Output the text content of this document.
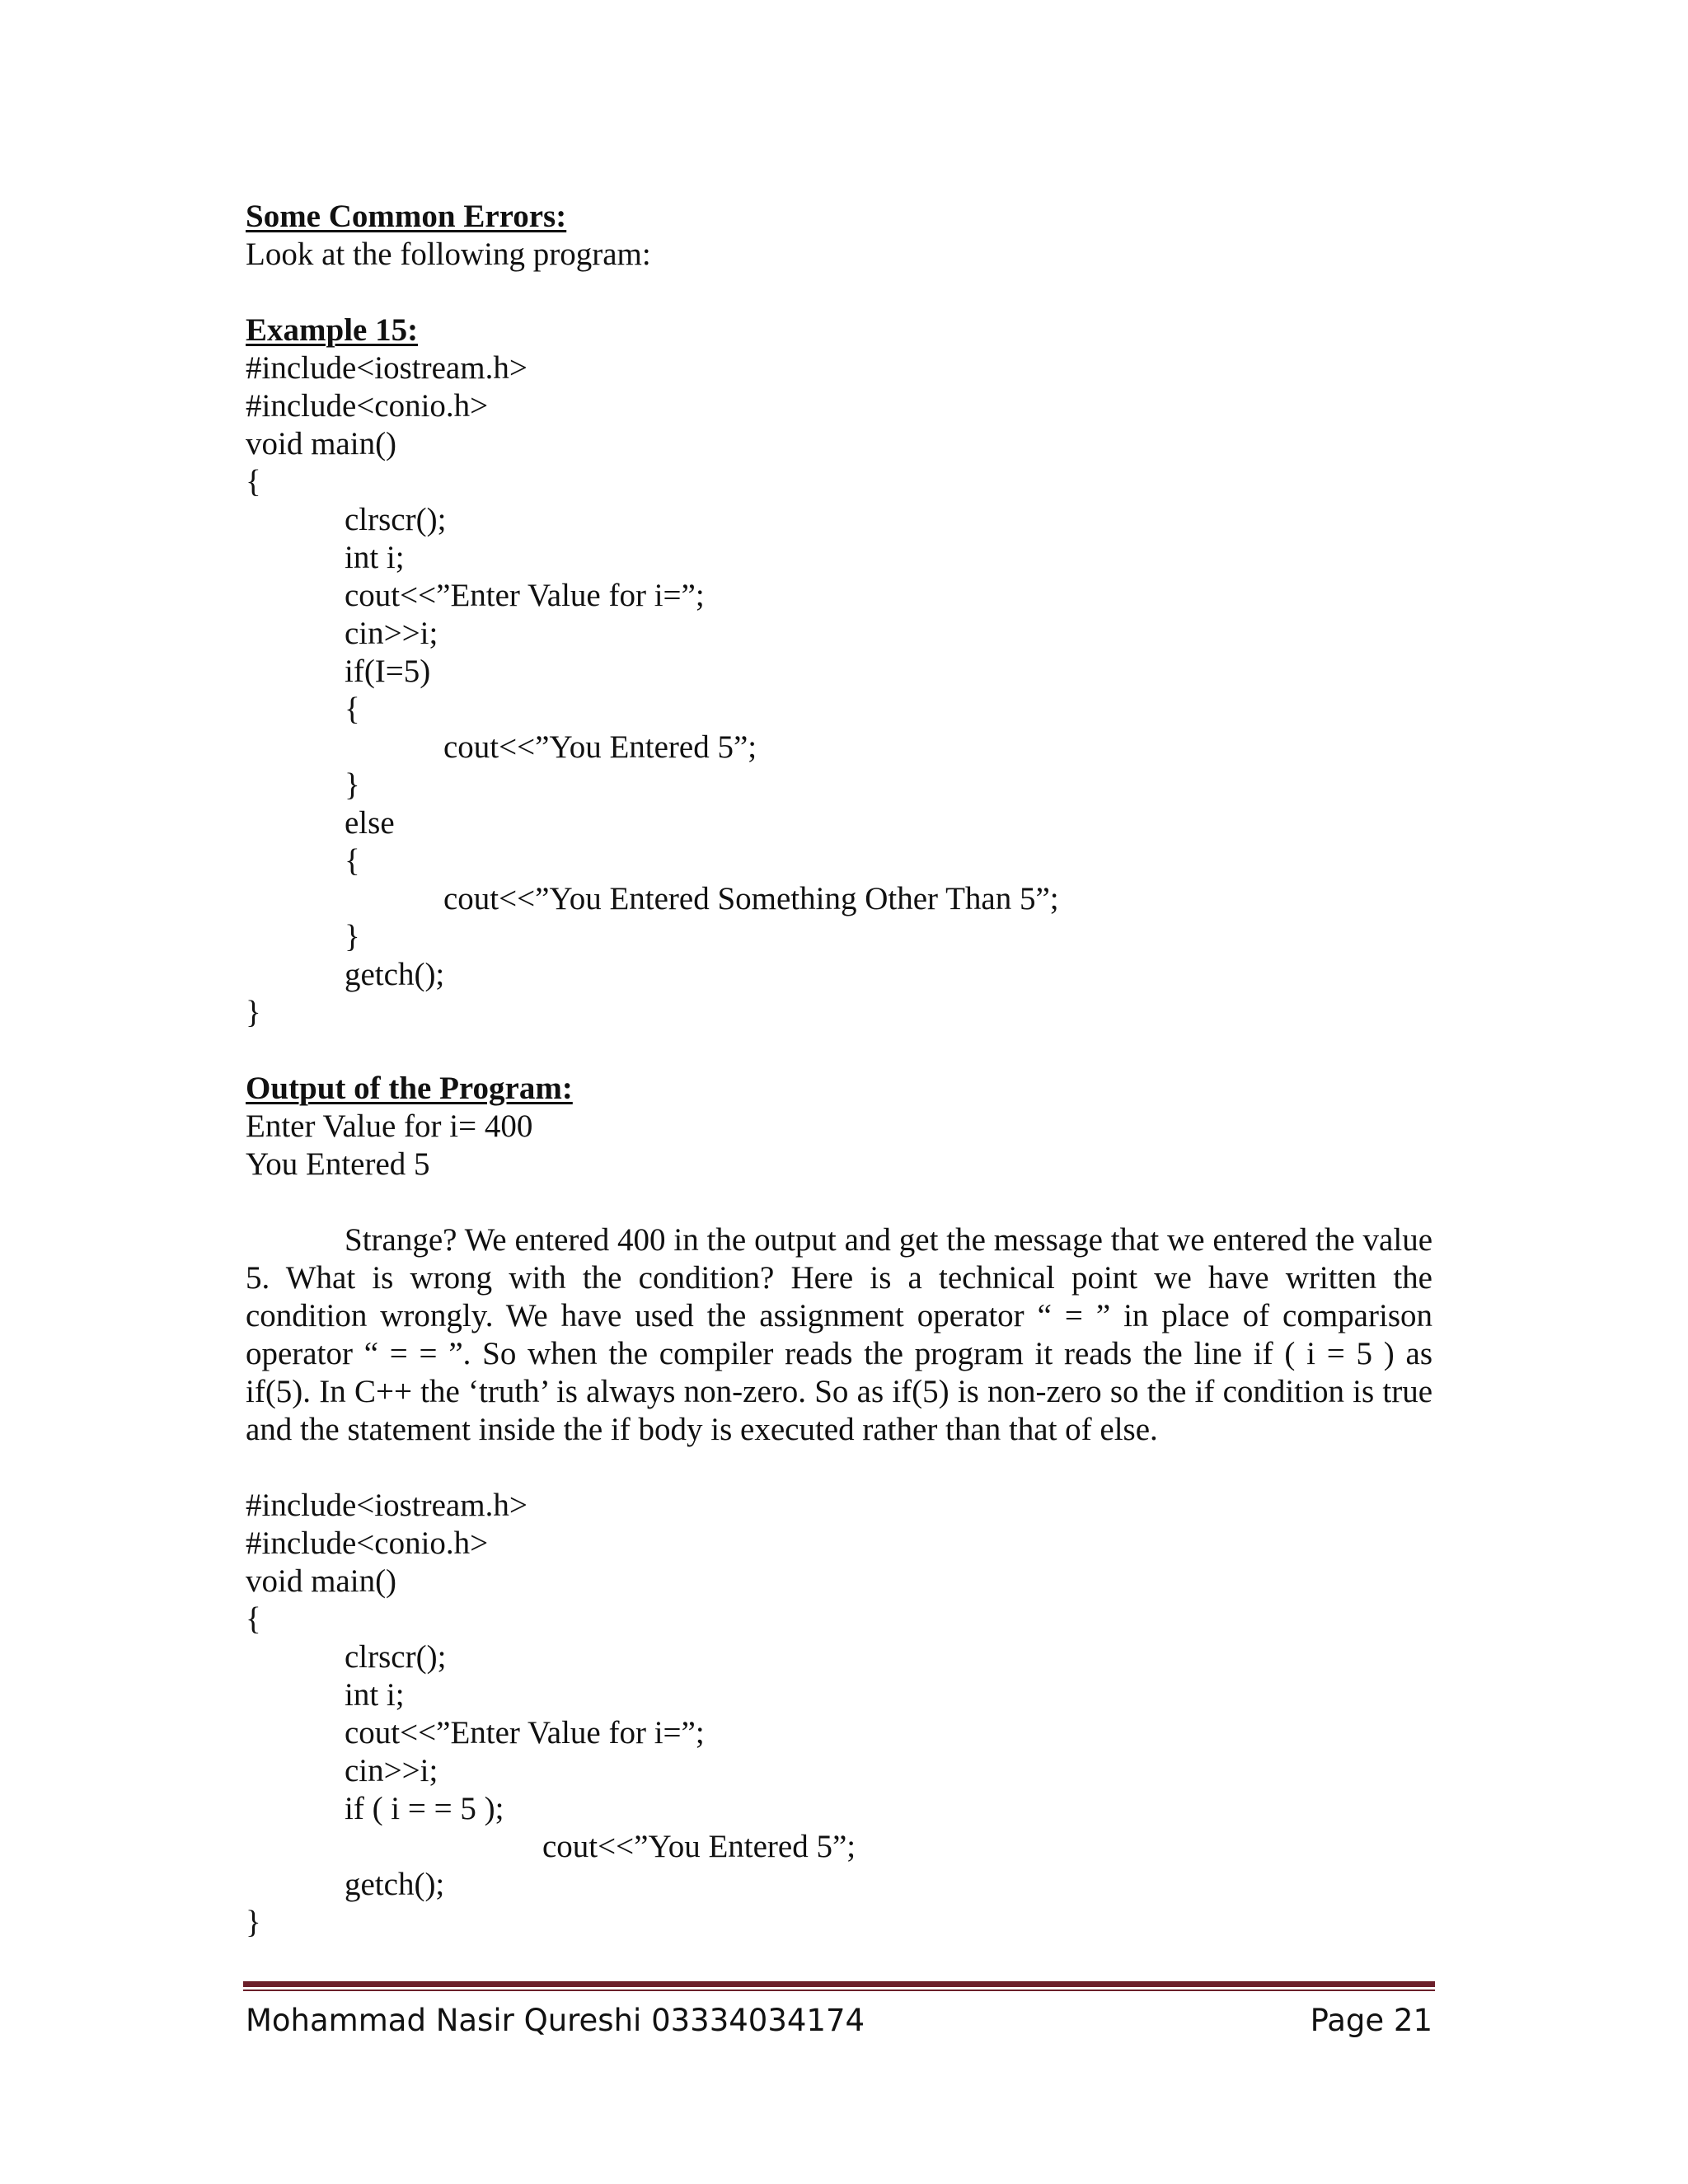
Some Common Errors:
Look at the following program:
Example 15:
#include<iostream.h>
#include<conio.h>
void main()
{
clrscr();
int i;
cout<<”Enter Value for i=”;
cin>>i;
if(I=5)
{
cout<<”You Entered 5”;
}
else
{
cout<<”You Entered Something Other Than 5”;
}
getch();
}
Output of the Program:
Enter Value for i= 400
You Entered 5
Strange? We entered 400 in the output and get the message that we entered the value 5. What is wrong with the condition? Here is a technical point we have written the condition wrongly. We have used the assignment operator “ = ” in place of comparison operator “ = = ”. So when the compiler reads the program it reads the line if ( i = 5 ) as if(5). In C++ the ‘truth’ is always non-zero. So as if(5) is non-zero so the if condition is true and the statement inside the if body is executed rather than that of else.
#include<iostream.h>
#include<conio.h>
void main()
{
clrscr();
int i;
cout<<”Enter Value for i=”;
cin>>i;
if ( i = = 5 );
cout<<”You Entered 5”;
getch();
}
Mohammad Nasir Qureshi 03334034174	Page 21
